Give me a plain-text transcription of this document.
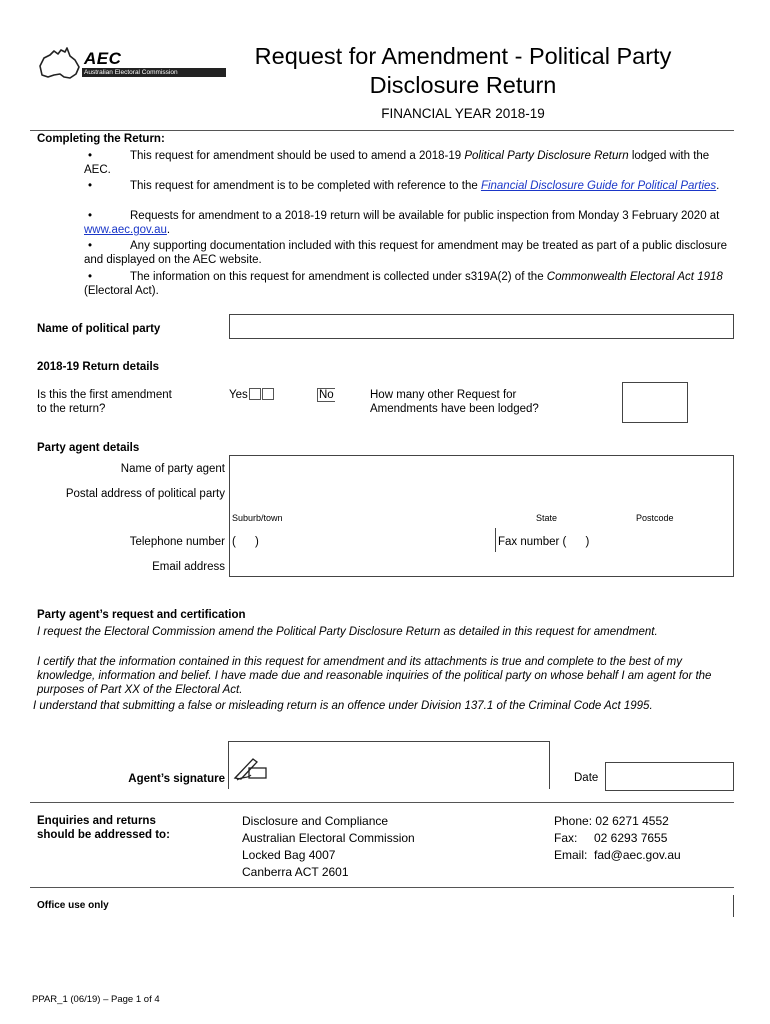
AEC
Australian Electoral Commission
Request for Amendment - Political Party
Disclosure Return
FINANCIAL YEAR 2018-19
Completing the Return:
•	This request for amendment should be used to amend a 2018-19 Political Party Disclosure Return lodged with the AEC.
•	This request for amendment is to be completed with reference to the Financial Disclosure Guide for Political Parties.
•	Requests for amendment to a 2018-19 return will be available for public inspection from Monday 3 February 2020 at www.aec.gov.au.
•	Any supporting documentation included with this request for amendment may be treated as part of a public disclosure and displayed on the AEC website.
•	The information on this request for amendment is collected under s319A(2) of the Commonwealth Electoral Act 1918 (Electoral Act).
Name of political party
2018-19 Return details
Is this the first amendment
to the return?
Yes	No	How many other Request for
Amendments have been lodged?
Party agent details
Name of party agent
Postal address of political party
Suburb/town	State	Postcode
Telephone number (      )	Fax number (      )
Email address
Party agent’s request and certification
I request the Electoral Commission amend the Political Party Disclosure Return as detailed in this request for amendment.
I certify that the information contained in this request for amendment and its attachments is true and complete to the best of my knowledge, information and belief. I have made due and reasonable inquiries of the political party on whose behalf I am agent for the purposes of Part XX of the Electoral Act.
I understand that submitting a false or misleading return is an offence under Division 137.1 of the Criminal Code Act 1995.
Agent’s signature	Date
Enquiries and returns
should be addressed to:
Disclosure and Compliance
Australian Electoral Commission
Locked Bag 4007
Canberra ACT 2601
Phone: 02 6271 4552
Fax: 02 6293 7655
Email: fad@aec.gov.au
Office use only
PPAR_1 (06/19) – Page 1 of 4
